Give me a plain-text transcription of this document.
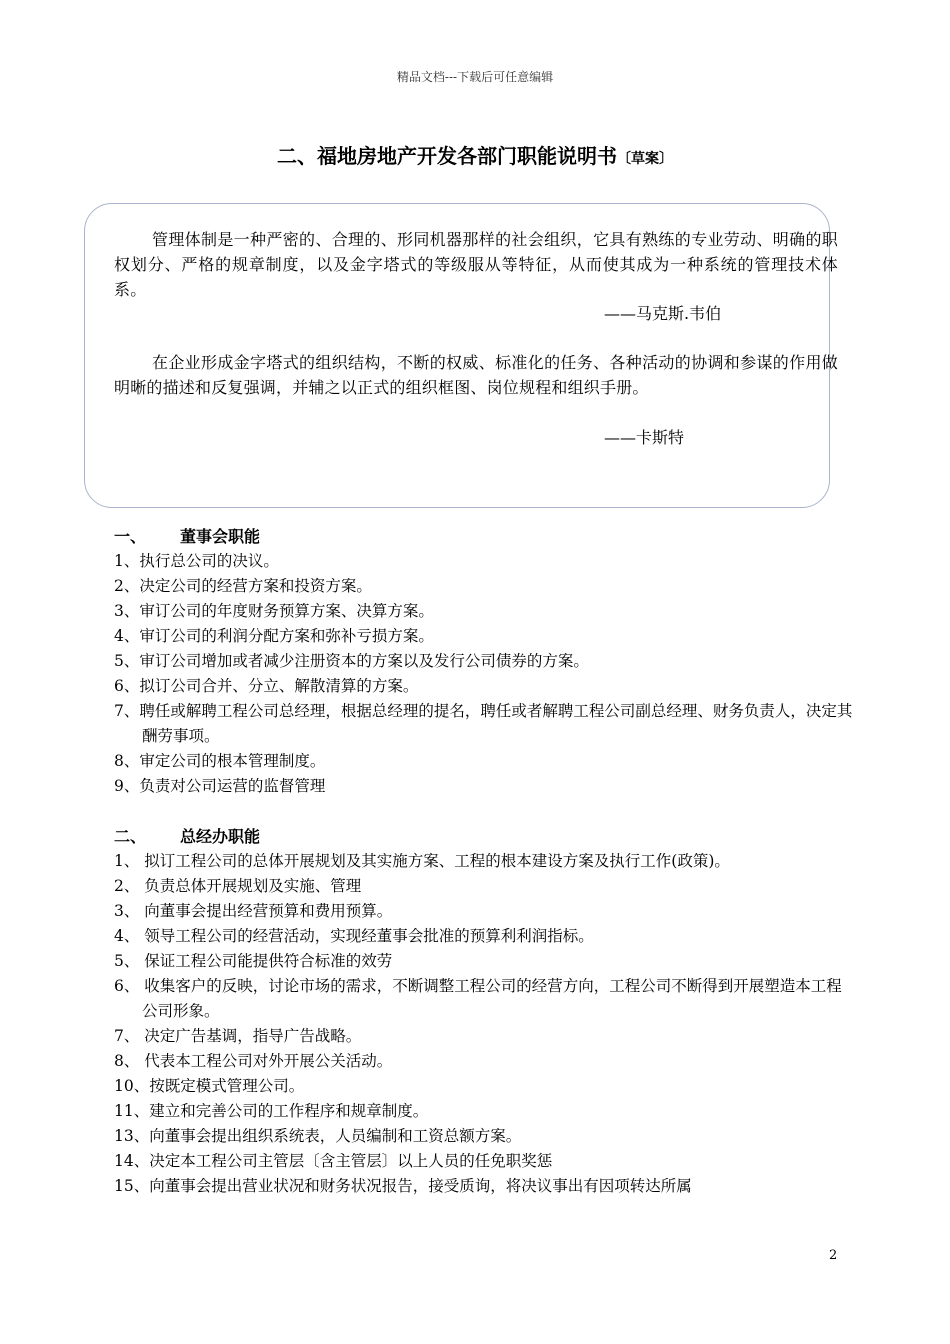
精品文档---下载后可任意编辑
二、福地房地产开发各部门职能说明书〔草案〕
管理体制是一种严密的、合理的、形同机器那样的社会组织，它具有熟练的专业劳动、明确的职权划分、严格的规章制度，以及金字塔式的等级服从等特征，从而使其成为一种系统的管理技术体系。
——马克斯.韦伯
在企业形成金字塔式的组织结构，不断的权威、标准化的任务、各种活动的协调和参谋的作用做明晰的描述和反复强调，并辅之以正式的组织框图、岗位规程和组织手册。
——卡斯特
一、 董事会职能
1、执行总公司的决议。
2、决定公司的经营方案和投资方案。
3、审订公司的年度财务预算方案、决算方案。
4、审订公司的利润分配方案和弥补亏损方案。
5、审订公司增加或者减少注册资本的方案以及发行公司债券的方案。
6、拟订公司合并、分立、解散清算的方案。
7、聘任或解聘工程公司总经理，根据总经理的提名，聘任或者解聘工程公司副总经理、财务负责人，决定其酬劳事项。
8、审定公司的根本管理制度。
9、负责对公司运营的监督管理
二、 总经办职能
1、 拟订工程公司的总体开展规划及其实施方案、工程的根本建设方案及执行工作(政策)。
2、 负责总体开展规划及实施、管理
3、 向董事会提出经营预算和费用预算。
4、 领导工程公司的经营活动，实现经董事会批准的预算利利润指标。
5、 保证工程公司能提供符合标准的效劳
6、 收集客户的反映，讨论市场的需求，不断调整工程公司的经营方向，工程公司不断得到开展塑造本工程公司形象。
7、 决定广告基调，指导广告战略。
8、 代表本工程公司对外开展公关活动。
10、按既定模式管理公司。
11、建立和完善公司的工作程序和规章制度。
13、向董事会提出组织系统表，人员编制和工资总额方案。
14、决定本工程公司主管层〔含主管层〕以上人员的任免职奖惩
15、向董事会提出营业状况和财务状况报告，接受质询，将决议事出有因项转达所属
2
